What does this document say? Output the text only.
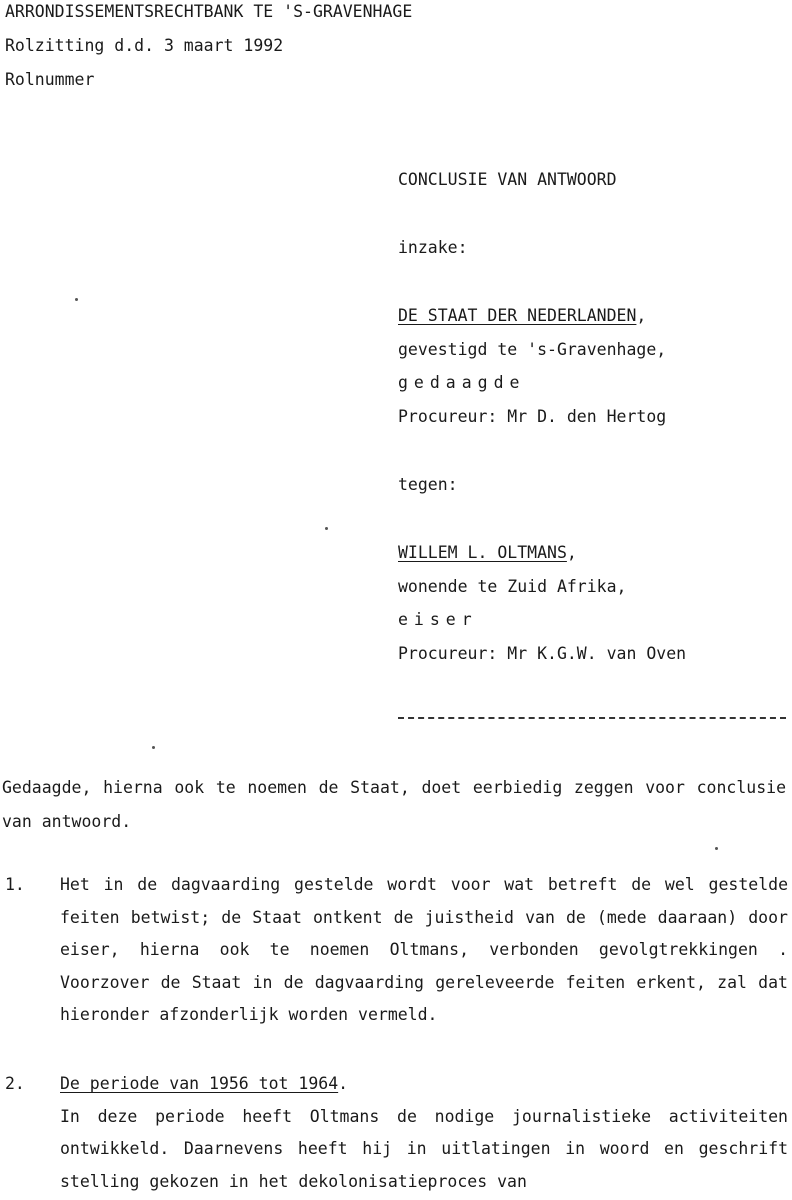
ARRONDISSEMENTSRECHTBANK TE 'S-GRAVENHAGE
Rolzitting d.d. 3 maart 1992
Rolnummer
CONCLUSIE VAN ANTWOORD
inzake:
DE STAAT DER NEDERLANDEN,
gevestigd te 's-Gravenhage,
gedaagde
Procureur: Mr D. den Hertog
tegen:
WILLEM L. OLTMANS,
wonende te Zuid Afrika,
eiser
Procureur: Mr K.G.W. van Oven
Gedaagde, hierna ook te noemen de Staat, doet eerbiedig zeggen voor conclusie van antwoord.
1. Het in de dagvaarding gestelde wordt voor wat betreft de wel gestelde feiten betwist; de Staat ontkent de juistheid van de (mede daaraan) door eiser, hierna ook te noemen Oltmans, verbonden gevolgtrekkingen . Voorzover de Staat in de dagvaarding gereleveerde feiten erkent, zal dat hieronder afzonderlijk worden vermeld.
2. De periode van 1956 tot 1964.
In deze periode heeft Oltmans de nodige journalistieke activiteiten ontwikkeld. Daarnevens heeft hij in uitlatingen in woord en geschrift stelling gekozen in het dekolonisatieproces van
